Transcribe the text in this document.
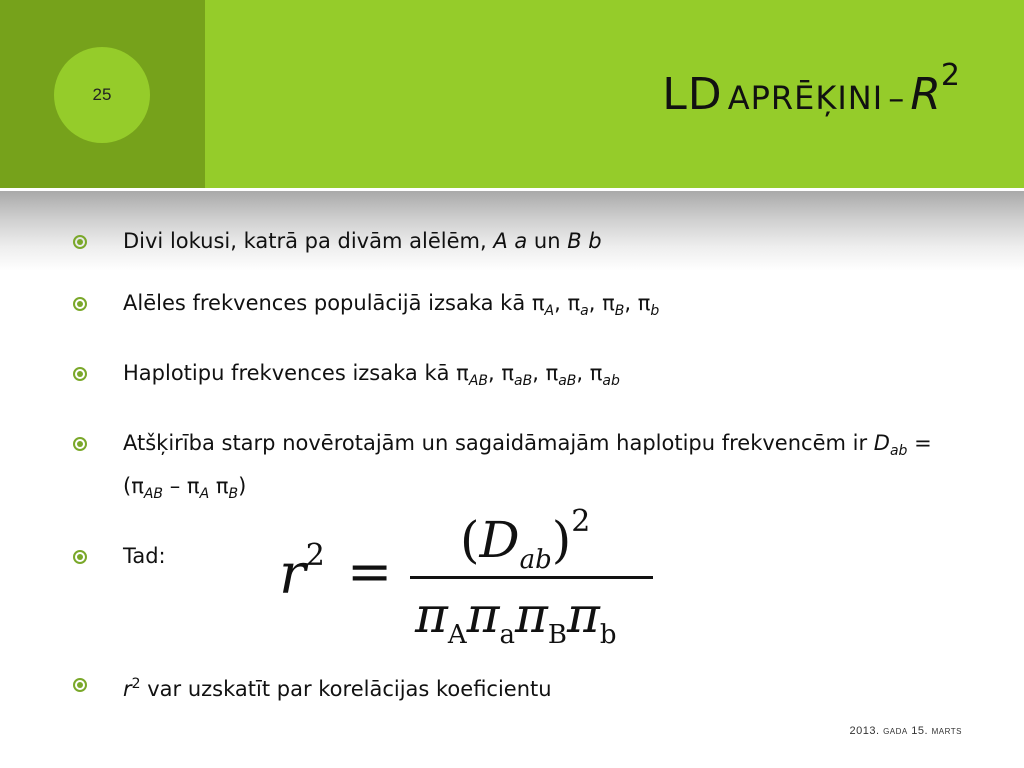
25	LD APRĒĶINI – $R^2$
Divi lokusi, katrā pa divām alēlēm, A a un B b
Alēles frekvences populācijā izsaka kā $\pi_A$, $\pi_a$, $\pi_B$, $\pi_b$
Haplotipu frekvences izsaka kā $\pi_{AB}$, $\pi_{aB}$, $\pi_{aB}$, $\pi_{ab}$
Atšķirība starp novērotajām un sagaidāmajām haplotipu frekvencēm ir $D_{ab} = (\pi_{AB} - \pi_A$ $\pi_B$)
Tad:
$r^2$ var uzskatīt par korelācijas koeficientu
$r^2 = (D_{ab})^2$
$\pi_A\pi_a\pi_B\pi_b$
2013. gada 15. marts
